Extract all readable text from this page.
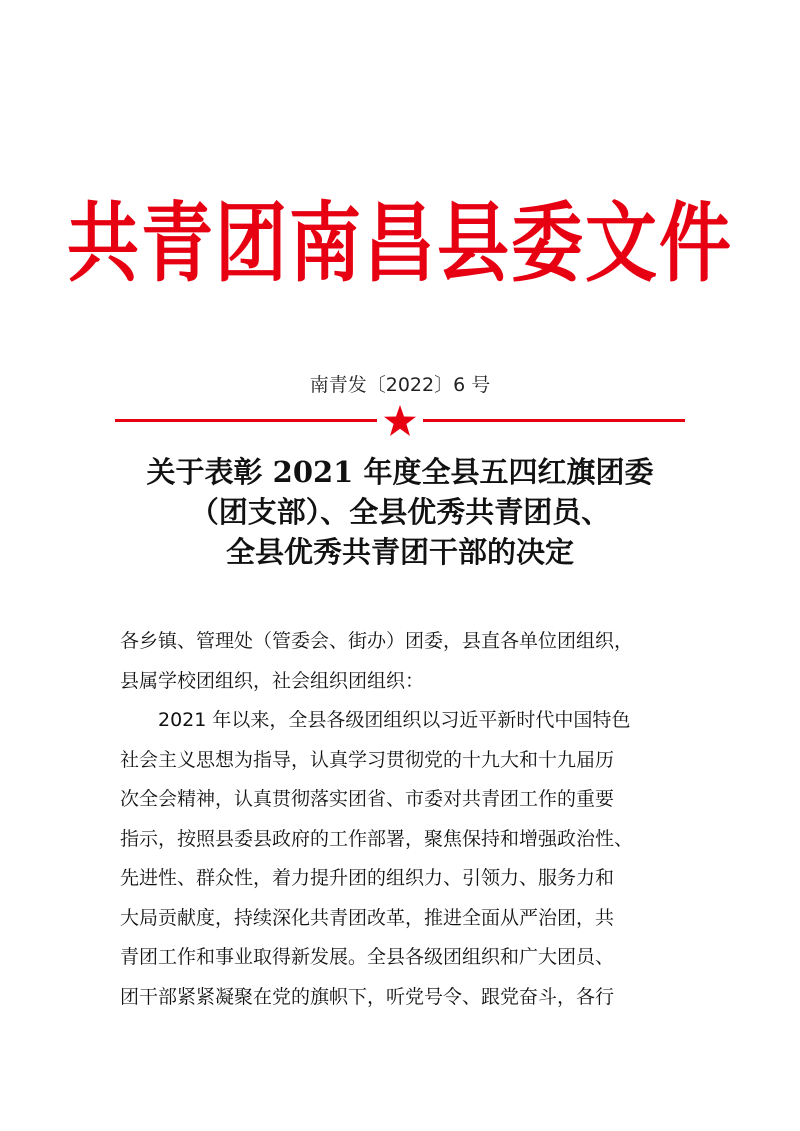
共青团南昌县委文件
南青发〔2022〕6 号
关于表彰 2021 年度全县五四红旗团委
（团支部）、全县优秀共青团员、
全县优秀共青团干部的决定
各乡镇、管理处（管委会、街办）团委，县直各单位团组织，
县属学校团组织，社会组织团组织：
2021 年以来，全县各级团组织以习近平新时代中国特色
社会主义思想为指导，认真学习贯彻党的十九大和十九届历
次全会精神，认真贯彻落实团省、市委对共青团工作的重要
指示，按照县委县政府的工作部署，聚焦保持和增强政治性、
先进性、群众性，着力提升团的组织力、引领力、服务力和
大局贡献度，持续深化共青团改革，推进全面从严治团，共
青团工作和事业取得新发展。全县各级团组织和广大团员、
团干部紧紧凝聚在党的旗帜下，听党号令、跟党奋斗，各行
